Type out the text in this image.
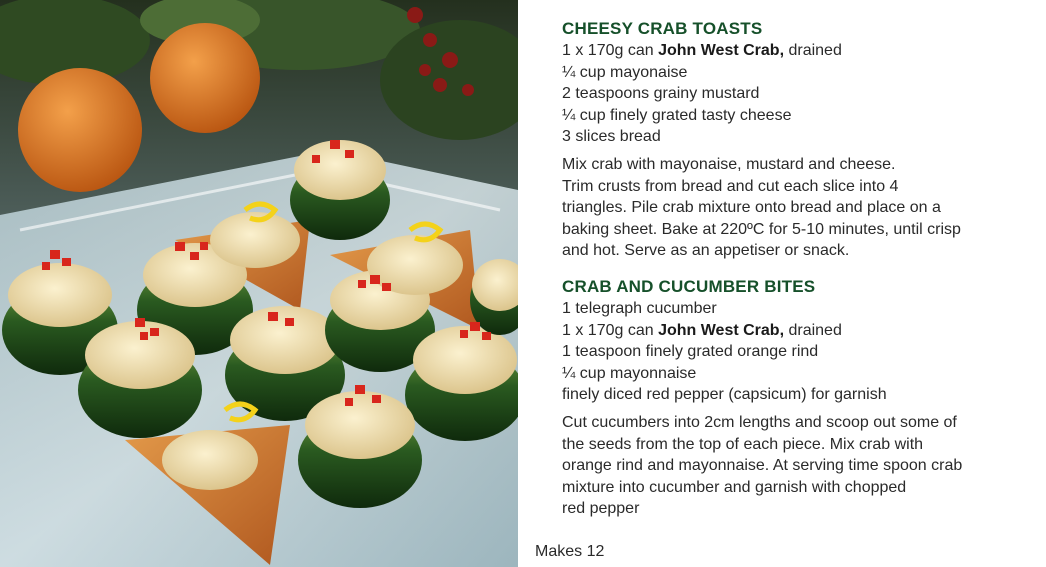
CHEESY CRAB TOASTS
1 x 170g can John West Crab, drained
¼ cup mayonaise
2 teaspoons grainy mustard
¼ cup finely grated tasty cheese
3 slices bread

Mix crab with mayonaise, mustard and cheese.
Trim crusts from bread and cut each slice into 4
triangles. Pile crab mixture onto bread and place on a
baking sheet. Bake at 220ºC for 5-10 minutes, until crisp
and hot. Serve as an appetiser or snack.

CRAB AND CUCUMBER BITES
1 telegraph cucumber
1 x 170g can John West Crab, drained
1 teaspoon finely grated orange rind
¼ cup mayonnaise
finely diced red pepper (capsicum) for garnish

Cut cucumbers into 2cm lengths and scoop out some of
the seeds from the top of each piece. Mix crab with
orange rind and mayonnaise. At serving time spoon crab
mixture into cucumber and garnish with chopped
red pepper

Makes 12
